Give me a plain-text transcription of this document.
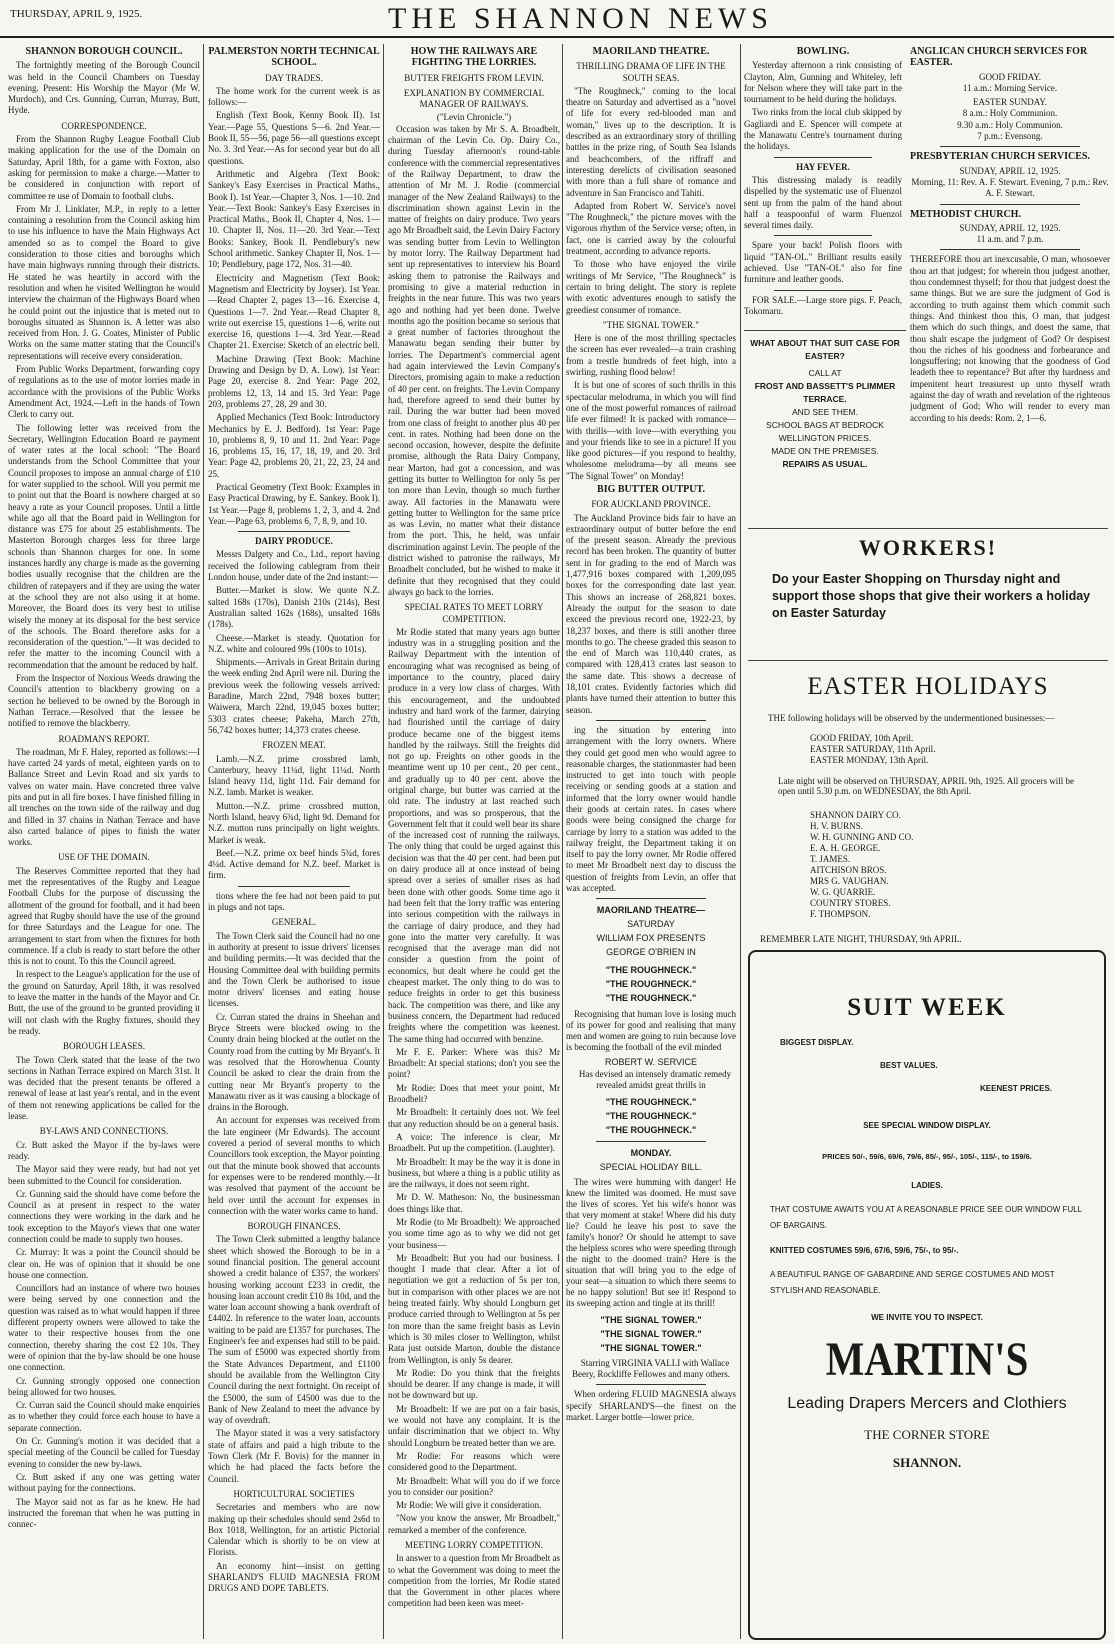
THURSDAY, APRIL 9, 1925.	THE SHANNON NEWS
SHANNON BOROUGH COUNCIL.

The fortnightly meeting of the Borough Council was held in the Council Chambers on Tuesday evening. Present: His Worship the Mayor (Mr W. Murdoch), and Crs. Gunning, Curran, Murray, Butt, Hyde.

CORRESPONDENCE.

From the Shannon Rugby League Football Club making application for the use of the Domain on Saturday, April 18th, for a game with Foxton, also asking for permission to make a charge.—Matter to be considered in conjunction with report of committee re use of Domain to football clubs.

From Mr J. Linklater, M.P., in reply to a letter containing a resolution from the Council asking him to use his influence to have the Main Highways Act amended so as to compel the Board to give consideration to those cities and boroughs which have main highways running through their districts. He stated he was heartily in accord with the resolution and when he visited Wellington he would interview the chairman of the Highways Board when he could point out the injustice that is meted out to boroughs situated as Shannon is. A letter was also received from Hon. J. G. Coates, Minister of Public Works on the same matter stating that the Council's representations will receive every consideration.

From Public Works Department, forwarding copy of regulations as to the use of motor lorries made in accordance with the provisions of the Public Works Amendment Act, 1924.—Left in the hands of Town Clerk to carry out.

The following letter was received from the Secretary, Wellington Education Board re payment of water rates at the local school: "The Board understands from the School Committee that your Council proposes to impose an annual charge of £10 for water supplied to the school. Will you permit me to point out that the Board is nowhere charged at so heavy a rate as your Council proposes. Until a little while ago all that the Board paid in Wellington for distance was £75 for about 25 establishments. The Masterton Borough charges less for three large schools than Shannon charges for one. In some instances hardly any charge is made as the governing bodies usually recognise that the children are the children of ratepayers and if they are using the water at the school they are not also using it at home. Moreover, the Board does its very best to utilise wisely the money at its disposal for the best service of the schools. The Board therefore asks for a reconsideration of the question."—It was decided to refer the matter to the incoming Council with a recommendation that the amount be reduced by half.

From the Inspector of Noxious Weeds drawing the Council's attention to blackberry growing on a section he believed to be owned by the Borough in Nathan Terrace.—Resolved that the lessee be notified to remove the blackberry.

ROADMAN'S REPORT.

The roadman, Mr F. Haley, reported as follows:—I have carted 24 yards of metal, eighteen yards on to Ballance Street and Levin Road and six yards to valves on water main. Have concreted three valve pits and put in all fire boxes. I have finished filling in all trenches on the town side of the railway and dug and filled in 37 chains in Nathan Terrace and have also carted balance of pipes to finish the water works.

USE OF THE DOMAIN.

The Reserves Committee reported that they had met the representatives of the Rugby and League Football Clubs for the purpose of discussing the allotment of the ground for football, and it had been agreed that Rugby should have the use of the ground for three Saturdays and the League for one. The arrangement to start from when the fixtures for both commence. If a club is ready to start before the other this is not to count. To this the Council agreed.

In respect to the League's application for the use of the ground on Saturday, April 18th, it was resolved to leave the matter in the hands of the Mayor and Cr. Butt, the use of the ground to be granted providing it will not clash with the Rugby fixtures, should they be ready.

BOROUGH LEASES.

The Town Clerk stated that the lease of the two sections in Nathan Terrace expired on March 31st. It was decided that the present tenants be offered a renewal of lease at last year's rental, and in the event of them not renewing applications be called for the lease.

BY-LAWS AND CONNECTIONS.

Cr. Butt asked the Mayor if the by-laws were ready.

The Mayor said they were ready, but had not yet been submitted to the Council for consideration.

Cr. Gunning said the should have come before the Council as at present in respect to the water connections they were working in the dark and he took exception to the Mayor's views that one water connection could be made to supply two houses.

Cr. Murray: It was a point the Council should be clear on. He was of opinion that it should be one house one connection.

Councillors had an instance of where two houses were being served by one connection and the question was raised as to what would happen if three different property owners were allowed to take the water to their respective houses from the one connection, thereby sharing the cost £2 10s. They were of opinion that the by-law should be one house one connection.

Cr. Gunning strongly opposed one connection being allowed for two houses.

Cr. Curran said the Council should make enquiries as to whether they could force each house to have a separate connection.

On Cr. Gunning's motion it was decided that a special meeting of the Council be called for Tuesday evening to consider the new by-laws.

Cr. Butt asked if any one was getting water without paying for the connections.

The Mayor said not as far as he knew. He had instructed the foreman that when he was putting in connec-

PALMERSTON NORTH TECHNICAL SCHOOL.
DAY TRADES.

The home work for the current week is as follows:—

English (Text Book, Kenny Book II). 1st Year.—Page 55, Questions 5—6. 2nd Year.—Book II, 55—56, page 56—all questions except No. 3. 3rd Year.—As for second year but do all questions.

Arithmetic and Algebra (Text Book: Sankey's Easy Exercises in Practical Maths., Book I). 1st Year.—Chapter 3, Nos. 1—10. 2nd Year.—Text Book: Sankey's Easy Exercises in Practical Maths., Book II, Chapter 4, Nos. 1—10. Chapter II, Nos. 11—20. 3rd Year.—Text Books: Sankey, Book II. Pendlebury's new School arithmetic. Sankey Chapter II, Nos. 1—10; Pendlebury, page 172, Nos. 31—40.

Electricity and Magnetism (Text Book: Magnetism and Electricity by Joyser). 1st Year.—Read Chapter 2, pages 13—16. Exercise 4, Questions 1—7. 2nd Year.—Read Chapter 8, write out exercise 15, questions 1—6, write out exercise 16, questions 1—4. 3rd Year.—Read Chapter 21. Exercise: Sketch of an electric bell.

Machine Drawing (Text Book: Machine Drawing and Design by D. A. Low). 1st Year: Page 20, exercise 8. 2nd Year: Page 202, problems 12, 13, 14 and 15. 3rd Year: Page 203, problems 27, 28, 29 and 30.

Applied Mechanics (Text Book: Introductory Mechanics by E. J. Bedford). 1st Year: Page 10, problems 8, 9, 10 and 11. 2nd Year: Page 16, problems 15, 16, 17, 18, 19, and 20. 3rd Year: Page 42, problems 20, 21, 22, 23, 24 and 25.

Practical Geometry (Text Book: Examples in Easy Practical Drawing, by E. Sankey. Book I). 1st Year.—Page 8, problems 1, 2, 3, and 4. 2nd Year.—Page 63, problems 6, 7, 8, 9, and 10.

DAIRY PRODUCE.

Messrs Dalgety and Co., Ltd., report having received the following cablegram from their London house, under date of the 2nd instant:—

Butter.—Market is slow. We quote N.Z. salted 168s (170s), Danish 210s (214s), Best Australian salted 162s (168s), unsalted 168s (178s).

Cheese.—Market is steady. Quotation for N.Z. white and coloured 99s (100s to 101s).

Shipments.—Arrivals in Great Britain during the week ending 2nd April were nil. During the previous week the following vessels arrived: Baradine, March 22nd, 7948 boxes butter; Waiwera, March 22nd, 19,045 boxes butter; 5303 crates cheese; Pakeha, March 27th, 56,742 boxes butter; 14,373 crates cheese.

FROZEN MEAT.

Lamb.—N.Z. prime crossbred lamb, Canterbury, heavy 11¼d, light 11¼d. North Island heavy 11d, light 11d. Fair demand for N.Z. lamb. Market is weaker.

Mutton.—N.Z. prime crossbred mutton, North Island, heavy 6¾d, light 9d. Demand for N.Z. mutton runs principally on light weights. Market is weak.

Beef.—N.Z. prime ox beef hinds 5¾d, fores 4¼d. Active demand for N.Z. beef. Market is firm.

tions where the fee had not been paid to put in plugs and not taps.

GENERAL.

The Town Clerk said the Council had no one in authority at present to issue drivers' licenses and building permits.—It was decided that the Housing Committee deal with building permits and the Town Clerk be authorised to issue motor drivers' licenses and eating house licenses.

Cr. Curran stated the drains in Sheehan and Bryce Streets were blocked owing to the County drain being blocked at the outlet on the County road from the cutting by Mr Bryant's. It was resolved that the Horowhenua County Council be asked to clear the drain from the cutting near Mr Bryant's property to the Manawatu river as it was causing a blockage of drains in the Borough.

An account for expenses was received from the late engineer (Mr Edwards). The account covered a period of several months to which Councillors took exception, the Mayor pointing out that the minute book showed that accounts for expenses were to be rendered monthly.—It was resolved that payment of the account be held over until the account for expenses in connection with the water works came to hand.

BOROUGH FINANCES.

The Town Clerk submitted a lengthy balance sheet which showed the Borough to be in a sound financial position. The general account showed a credit balance of £357, the workers' housing working account £233 in credit, the housing loan account credit £10 8s 10d, and the water loan account showing a bank overdraft of £4402. In reference to the water loan, accounts waiting to be paid are £1357 for purchases. The Engineer's fee and expenses had still to be paid. The sum of £5000 was expected shortly from the State Advances Department, and £1100 should be available from the Wellington City Council during the next fortnight. On receipt of the £5000, the sum of £4500 was due to the Bank of New Zealand to meet the advance by way of overdraft.

The Mayor stated it was a very satisfactory state of affairs and paid a high tribute to the Town Clerk (Mr F. Bovis) for the manner in which he had placed the facts before the Council.

HORTICULTURAL SOCIETIES

Secretaries and members who are now making up their schedules should send 2s6d to Box 1018, Wellington, for an artistic Pictorial Calendar which is shortly to be on view at Florists.

An economy hint—insist on getting SHARLAND'S FLUID MAGNESIA FROM DRUGS AND DOPE TABLETS.

HOW THE RAILWAYS ARE FIGHTING THE LORRIES.
BUTTER FREIGHTS FROM LEVIN.
EXPLANATION BY COMMERCIAL MANAGER OF RAILWAYS.
("Levin Chronicle.")

Occasion was taken by Mr S. A. Broadbelt, chairman of the Levin Co. Op. Dairy Co., during Tuesday afternoon's round-table conference with the commercial representatives of the Railway Department, to draw the attention of Mr M. J. Rodie (commercial manager of the New Zealand Railways) to the discrimination shown against Levin in the matter of freights on dairy produce. Two years ago Mr Broadbelt said, the Levin Dairy Factory was sending butter from Levin to Wellington by motor lorry. The Railway Department had sent up representatives to interview his Board asking them to patronise the Railways and promising to give a material reduction in freights in the near future. This was two years ago and nothing had yet been done. Twelve months ago the position became so serious that a great number of factories throughout the Manawatu began sending their butter by lorries. The Department's commercial agent had again interviewed the Levin Company's Directors, promising again to make a reduction of 40 per cent. on freights. The Levin Company had, therefore agreed to send their butter by rail. During the war butter had been moved from one class of freight to another plus 40 per cent. in rates. Nothing had been done on the second occasion, however, despite the definite promise, although the Rata Dairy Company, near Marton, had got a concession, and was getting its butter to Wellington for only 5s per ton more than Levin, though so much further away. All factories in the Manawatu were getting butter to Wellington for the same price as was Levin, no matter what their distance from the port. This, he held, was unfair discrimination against Levin. The people of the district wished to patronise the railways, Mr Broadbelt concluded, but he wished to make it definite that they recognised that they could always go back to the lorries.

SPECIAL RATES TO MEET LORRY COMPETITION.

Mr Rodie stated that many years ago butter industry was in a struggling position and the Railway Department with the intention of encouraging what was recognised as being of importance to the country, placed dairy produce in a very low class of charges. With this encouragement, and the undoubted industry and hard work of the farmer, dairying had flourished until the carriage of dairy produce became one of the biggest items handled by the railways. Still the freights did not go up. Freights on other goods in the meantime went up 10 per cent., 20 per cent., and gradually up to 40 per cent. above the original charge, but butter was carried at the old rate. The industry at last reached such proportions, and was so prosperous, that the Government felt that it could well bear its share of the increased cost of running the railways. The only thing that could be urged against this decision was that the 40 per cent. had been put on dairy produce all at once instead of being spread over a series of smaller rises as had been done with other goods. Some time ago it had been felt that the lorry traffic was entering into serious competition with the railways in the carriage of dairy produce, and they had gone into the matter very carefully. It was recognised that the average man did not consider a question from the point of economics, but dealt where he could get the cheapest market. The only thing to do was to reduce freights in order to get this business back. The competition was there, and like any business concern, the Department had reduced freights where the competition was keenest. The same thing had occurred with benzine.

Mr F. E. Parker: Where was this? Mr Broadbelt: At special stations; don't you see the point?

Mr Rodie: Does that meet your point, Mr Broadbelt?

Mr Broadbelt: It certainly does not. We feel that any reduction should be on a general basis.

A voice: The inference is clear, Mr Broadbelt. Put up the competition. (Laughter).

Mr Broadbelt: It may be the way it is done in business, but where a thing is a public utility as are the railways, it does not seem right.

Mr D. W. Matheson: No, the businessman does things like that.

Mr Rodie (to Mr Broadbelt): We approached you some time ago as to why we did not get your business—

Mr Broadbelt: But you had our business. I thought I made that clear. After a lot of negotiation we got a reduction of 5s per ton, but in comparison with other places we are not being treated fairly. Why should Longburn get produce carried through to Wellington at 5s per ton more than the same freight basis as Levin which is 30 miles closer to Wellington, whilst Rata just outside Marton, double the distance from Wellington, is only 5s dearer.

Mr Rodie: Do you think that the freights should be dearer. If any change is made, it will not be downward but up.

Mr Broadbelt: If we are put on a fair basis, we would not have any complaint. It is the unfair discrimination that we object to. Why should Longburn be treated better than we are.

Mr Rodie: For reasons which were considered good to the Department.

Mr Broadbelt: What will you do if we force you to consider our position?

Mr Rodie: We will give it consideration.

"Now you know the answer, Mr Broadbelt," remarked a member of the conference.

MEETING LORRY COMPETITION.

In answer to a question from Mr Broadbelt as to what the Government was doing to meet the competition from the lorries, Mr Rodie stated that the Government in other places where competition had been keen was meet-

MAORILAND THEATRE.
THRILLING DRAMA OF LIFE IN THE SOUTH SEAS.

"The Roughneck," coming to the local theatre on Saturday and advertised as a "novel of life for every red-blooded man and woman," lives up to the description. It is described as an extraordinary story of thrilling battles in the prize ring, of South Sea Islands and beachcombers, of the riffraff and interesting derelicts of civilisation seasoned with more than a full share of romance and adventure in San Francisco and Tahiti.

Adapted from Robert W. Service's novel "The Roughneck," the picture moves with the vigorous rhythm of the Service verse; often, in fact, one is carried away by the colourful treatment, according to advance reports.

To those who have enjoyed the virile writings of Mr Service, "The Roughneck" is certain to bring delight. The story is replete with exotic adventures enough to satisfy the greediest consumer of romance.

"THE SIGNAL TOWER."

Here is one of the most thrilling spectacles the screen has ever revealed—a train crashing from a trestle hundreds of feet high, into a swirling, rushing flood below!

It is but one of scores of such thrills in this spectacular melodrama, in which you will find one of the most powerful romances of railroad life ever filmed! It is packed with romance—with thrills—with love—with everything you and your friends like to see in a picture! If you like good pictures—if you respond to healthy, wholesome melodrama—by all means see "The Signal Tower" on Monday!

BIG BUTTER OUTPUT.
FOR AUCKLAND PROVINCE.

The Auckland Province bids fair to have an extraordinary output of butter before the end of the present season. Already the previous record has been broken. The quantity of butter sent in for grading to the end of March was 1,477,916 boxes compared with 1,209,095 boxes for the corresponding date last year. This shows an increase of 268,821 boxes. Already the output for the season to date exceed the previous record one, 1922-23, by 18,237 boxes, and there is still another three months to go. The cheese graded this season to the end of March was 110,440 crates, as compared with 128,413 crates last season to the same date. This shows a decrease of 18,101 crates. Evidently factories which did plants have turned their attention to butter this season.

ing the situation by entering into arrangement with the lorry owners. Where they could get good men who would agree to reasonable charges, the stationmaster had been instructed to get into touch with people receiving or sending goods at a station and informed that the lorry owner would handle their goods at certain rates. In cases where goods were being consigned the charge for carriage by lorry to a station was added to the railway freight, the Department taking it on itself to pay the lorry owner. Mr Rodie offered to meet Mr Broadbelt next day to discuss the question of freights from Levin, an offer that was accepted.

MAORILAND THEATRE—
SATURDAY
WILLIAM FOX PRESENTS
GEORGE O'BRIEN IN
"THE ROUGHNECK."
"THE ROUGHNECK."
"THE ROUGHNECK."

Recognising that human love is losing much of its power for good and realising that many men and women are going to ruin because love is becoming the football of the evil minded

ROBERT W. SERVICE

Has devised an intensely dramatic remedy revealed amidst great thrills in

"THE ROUGHNECK."
"THE ROUGHNECK."
"THE ROUGHNECK."
MONDAY.
SPECIAL HOLIDAY BILL.

The wires were humming with danger! He knew the limited was doomed. He must save the lives of scores. Yet his wife's honor was that very moment at stake! Where did his duty lie? Could he leave his post to save the family's honor? Or should he attempt to save the helpless scores who were speeding through the night to the doomed train? Here is the situation that will bring you to the edge of your seat—a situation to which there seems to be no happy solution! But see it! Respond to its sweeping action and tingle at its thrill!

"THE SIGNAL TOWER."
"THE SIGNAL TOWER."
"THE SIGNAL TOWER."

Starring VIRGINIA VALLI with Wallace Beery, Rockliffe Fellowes and many others.

When ordering FLUID MAGNESIA always specify SHARLAND'S—the finest on the market. Larger bottle—lower price.

BOWLING.

Yesterday afternoon a rink consisting of Clayton, Alm, Gunning and Whiteley, left for Nelson where they will take part in the tournament to be held during the holidays.

Two rinks from the local club skipped by Gagliardi and E. Spencer will compete at the Manawatu Centre's tournament during the holidays.

HAY FEVER.

This distressing malady is readily dispelled by the systematic use of Fluenzol sent up from the palm of the hand about half a teaspoonful of warm Fluenzol several times daily.

Spare your back! Polish floors with liquid "TAN-OL." Brilliant results easily achieved. Use "TAN-OL" also for fine furniture and leather goods.

FOR SALE.—Large store pigs. F. Peach, Tokomaru.

ANGLICAN CHURCH SERVICES FOR EASTER.
GOOD FRIDAY.
11 a.m.: Morning Service.
EASTER SUNDAY.
8 a.m.: Holy Communion.
9.30 a.m.: Holy Communion.
7 p.m.: Evensong.
PRESBYTERIAN CHURCH SERVICES.
SUNDAY, APRIL 12, 1925.
Morning, 11: Rev. A. F. Stewart. Evening, 7 p.m.: Rev. A. F. Stewart.
METHODIST CHURCH.
SUNDAY, APRIL 12, 1925.
11 a.m. and 7 p.m.

THEREFORE thou art inexcusable, O man, whosoever thou art that judgest; for wherein thou judgest another, thou condemnest thyself; for thou that judgest doest the same things. But we are sure the judgment of God is according to truth against them which commit such things. And thinkest thou this, O man, that judgest them which do such things, and doest the same, that thou shalt escape the judgment of God? Or despisest thou the riches of his goodness and forbearance and longsuffering; not knowing that the goodness of God leadeth thee to repentance? But after thy hardness and impenitent heart treasurest up unto thyself wrath against the day of wrath and revelation of the righteous judgment of God; Who will render to every man according to his deeds: Rom. 2, 1—6.

WHAT ABOUT THAT SUIT CASE FOR EASTER?
CALL AT
FROST AND BASSETT'S PLIMMER TERRACE.
AND SEE THEM.
SCHOOL BAGS AT BEDROCK WELLINGTON PRICES.
MADE ON THE PREMISES.
REPAIRS AS USUAL.
WORKERS!
Do your Easter Shopping on Thursday night and support those shops that give their workers a holiday on Easter Saturday
EASTER HOLIDAYS
THE following holidays will be observed by the undermentioned businesses:—
GOOD FRIDAY, 10th April.
EASTER SATURDAY, 11th April.
EASTER MONDAY, 13th April.
Late night will be observed on THURSDAY, APRIL 9th, 1925. All grocers will be open until 5.30 p.m. on WEDNESDAY, the 8th April.
SHANNON DAIRY CO.
H. V. BURNS.
W. H. GUNNING AND CO.
E. A. H. GEORGE.
T. JAMES.
AITCHISON BROS.
MRS G. VAUGHAN.
W. G. QUARRIE.
COUNTRY STORES.
F. THOMPSON.
REMEMBER LATE NIGHT, THURSDAY, 9th APRIL.
SUIT WEEK
BIGGEST DISPLAY.
BEST VALUES.
KEENEST PRICES.
SEE SPECIAL WINDOW DISPLAY.
PRICES 50/-, 59/6, 69/6, 79/6, 85/-, 95/-, 105/-, 115/-, to 159/6.
LADIES.
THAT COSTUME AWAITS YOU AT A REASONABLE PRICE SEE OUR WINDOW FULL OF BARGAINS.
KNITTED COSTUMES 59/6, 67/6, 59/6, 75/-, to 95/-.
A BEAUTIFUL RANGE OF GABARDINE AND SERGE COSTUMES AND MOST STYLISH AND REASONABLE.
WE INVITE YOU TO INSPECT.
MARTIN'S
Leading Drapers Mercers and Clothiers
THE CORNER STORE
SHANNON.
